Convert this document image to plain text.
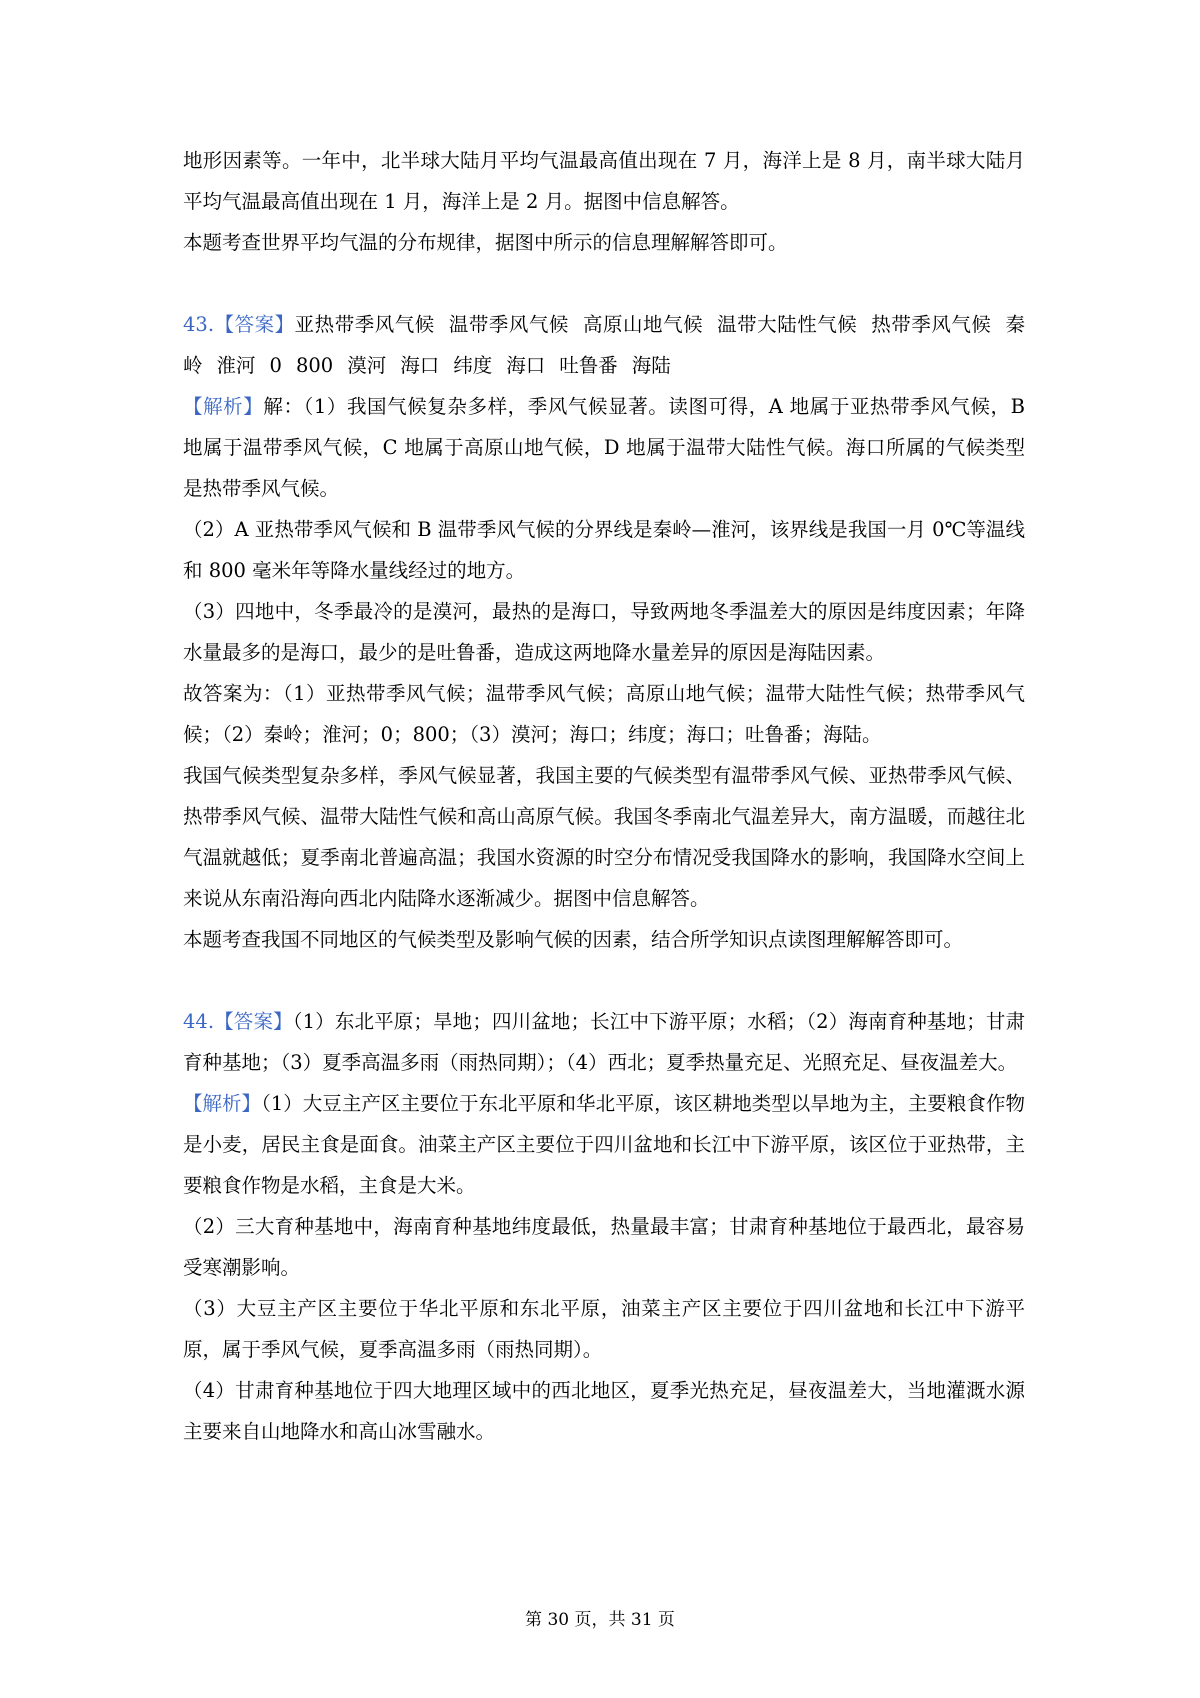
地形因素等。一年中，北半球大陆月平均气温最高值出现在 7 月，海洋上是 8 月，南半球大陆月平均气温最高值出现在 1 月，海洋上是 2 月。据图中信息解答。

本题考查世界平均气温的分布规律，据图中所示的信息理解解答即可。

43.【答案】亚热带季风气候 温带季风气候 高原山地气候 温带大陆性气候 热带季风气候 秦岭 淮河 0 800 漠河 海口 纬度 海口 吐鲁番 海陆

【解析】解：（1）我国气候复杂多样，季风气候显著。读图可得，A 地属于亚热带季风气候，B 地属于温带季风气候，C 地属于高原山地气候，D 地属于温带大陆性气候。海口所属的气候类型是热带季风气候。

（2）A 亚热带季风气候和 B 温带季风气候的分界线是秦岭—淮河，该界线是我国一月 0℃等温线和 800 毫米年等降水量线经过的地方。

（3）四地中，冬季最冷的是漠河，最热的是海口，导致两地冬季温差大的原因是纬度因素；年降水量最多的是海口，最少的是吐鲁番，造成这两地降水量差异的原因是海陆因素。

故答案为：（1）亚热带季风气候；温带季风气候；高原山地气候；温带大陆性气候；热带季风气候；（2）秦岭；淮河；0；800；（3）漠河；海口；纬度；海口；吐鲁番；海陆。

我国气候类型复杂多样，季风气候显著，我国主要的气候类型有温带季风气候、亚热带季风气候、热带季风气候、温带大陆性气候和高山高原气候。我国冬季南北气温差异大，南方温暖，而越往北气温就越低；夏季南北普遍高温；我国水资源的时空分布情况受我国降水的影响，我国降水空间上来说从东南沿海向西北内陆降水逐渐减少。据图中信息解答。

本题考查我国不同地区的气候类型及影响气候的因素，结合所学知识点读图理解解答即可。

44.【答案】（1）东北平原；旱地；四川盆地；长江中下游平原；水稻；（2）海南育种基地；甘肃育种基地；（3）夏季高温多雨（雨热同期）；（4）西北；夏季热量充足、光照充足、昼夜温差大。

【解析】（1）大豆主产区主要位于东北平原和华北平原，该区耕地类型以旱地为主，主要粮食作物是小麦，居民主食是面食。油菜主产区主要位于四川盆地和长江中下游平原，该区位于亚热带，主要粮食作物是水稻，主食是大米。

（2）三大育种基地中，海南育种基地纬度最低，热量最丰富；甘肃育种基地位于最西北，最容易受寒潮影响。

（3）大豆主产区主要位于华北平原和东北平原，油菜主产区主要位于四川盆地和长江中下游平原，属于季风气候，夏季高温多雨（雨热同期）。

（4）甘肃育种基地位于四大地理区域中的西北地区，夏季光热充足，昼夜温差大，当地灌溉水源主要来自山地降水和高山冰雪融水。

第 30 页，共 31 页
